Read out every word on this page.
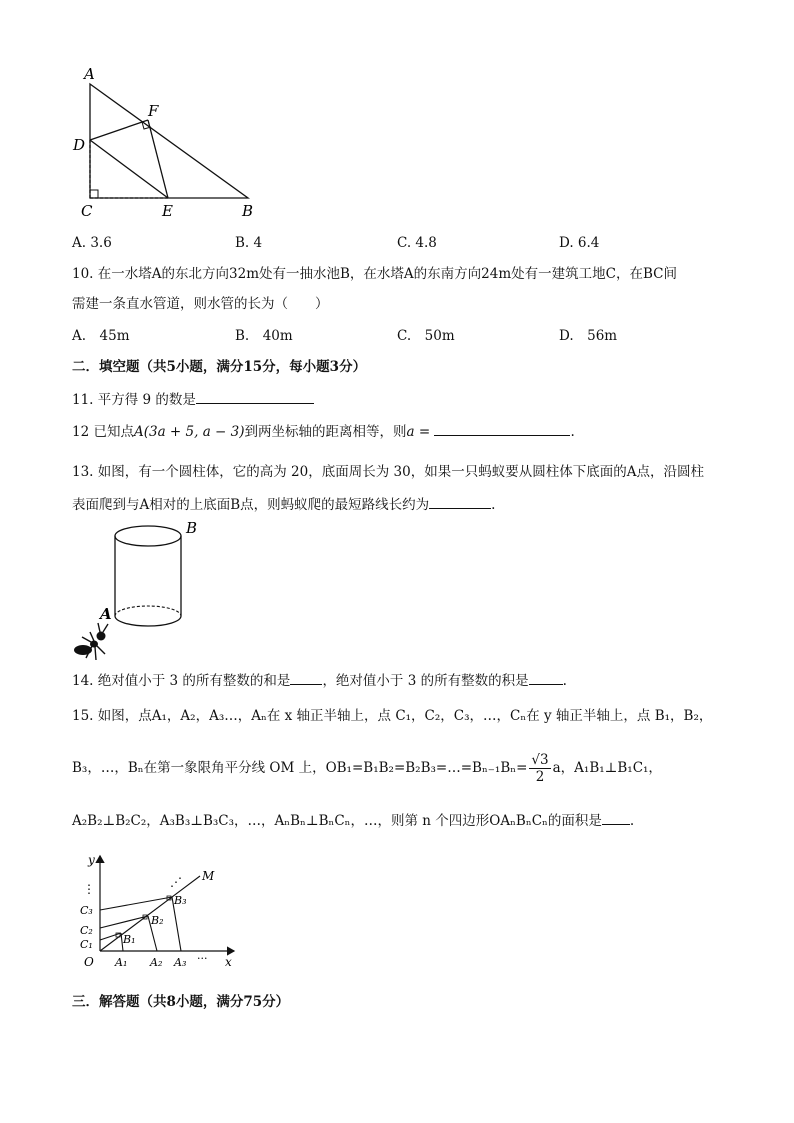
A
F
D
C	E	B
A. 3.6	B. 4	C. 4.8	D. 6.4
10. 在一水塔A的东北方向32m处有一抽水池B，在水塔A的东南方向24m处有一建筑工地C，在BC间
需建一条直水管道，则水管的长为（　　）
A.　45m	B.　40m	C.　50m	D.　56m
二．填空题（共5小题，满分15分，每小题3分）
11. 平方得 9 的数是
12 已知点A(3a + 5, a − 3)到两坐标轴的距离相等，则a =	.
13. 如图，有一个圆柱体，它的高为 20，底面周长为 30，如果一只蚂蚁要从圆柱体下底面的A点，沿圆柱
表面爬到与A相对的上底面B点，则蚂蚁爬的最短路线长约为	.
B
A
14. 绝对值小于 3 的所有整数的和是 ，绝对值小于 3 的所有整数的积是	.
15. 如图，点A₁，A₂，A₃…，Aₙ在 x 轴正半轴上，点 C₁，C₂，C₃，…，Cₙ在 y 轴正半轴上，点 B₁，B₂，
B₃，…，Bₙ在第一象限角平分线 OM 上，OB₁=B₁B₂=B₂B₃=…=Bₙ₋₁Bₙ= $\frac{√3}{2}$ a，A₁B₁⊥B₁C₁，
A₂B₂⊥B₂C₂，A₃B₃⊥B₃C₃，…，AₙBₙ⊥BₙCₙ，…，则第 n 个四边形OAₙBₙCₙ的面积是 .
y
x
O
M
A₁ A₂ A₃ ···
B₁
B₂
B₃
C₁
C₂
C₃
⋮	⋰
三．解答题（共8小题，满分75分）
